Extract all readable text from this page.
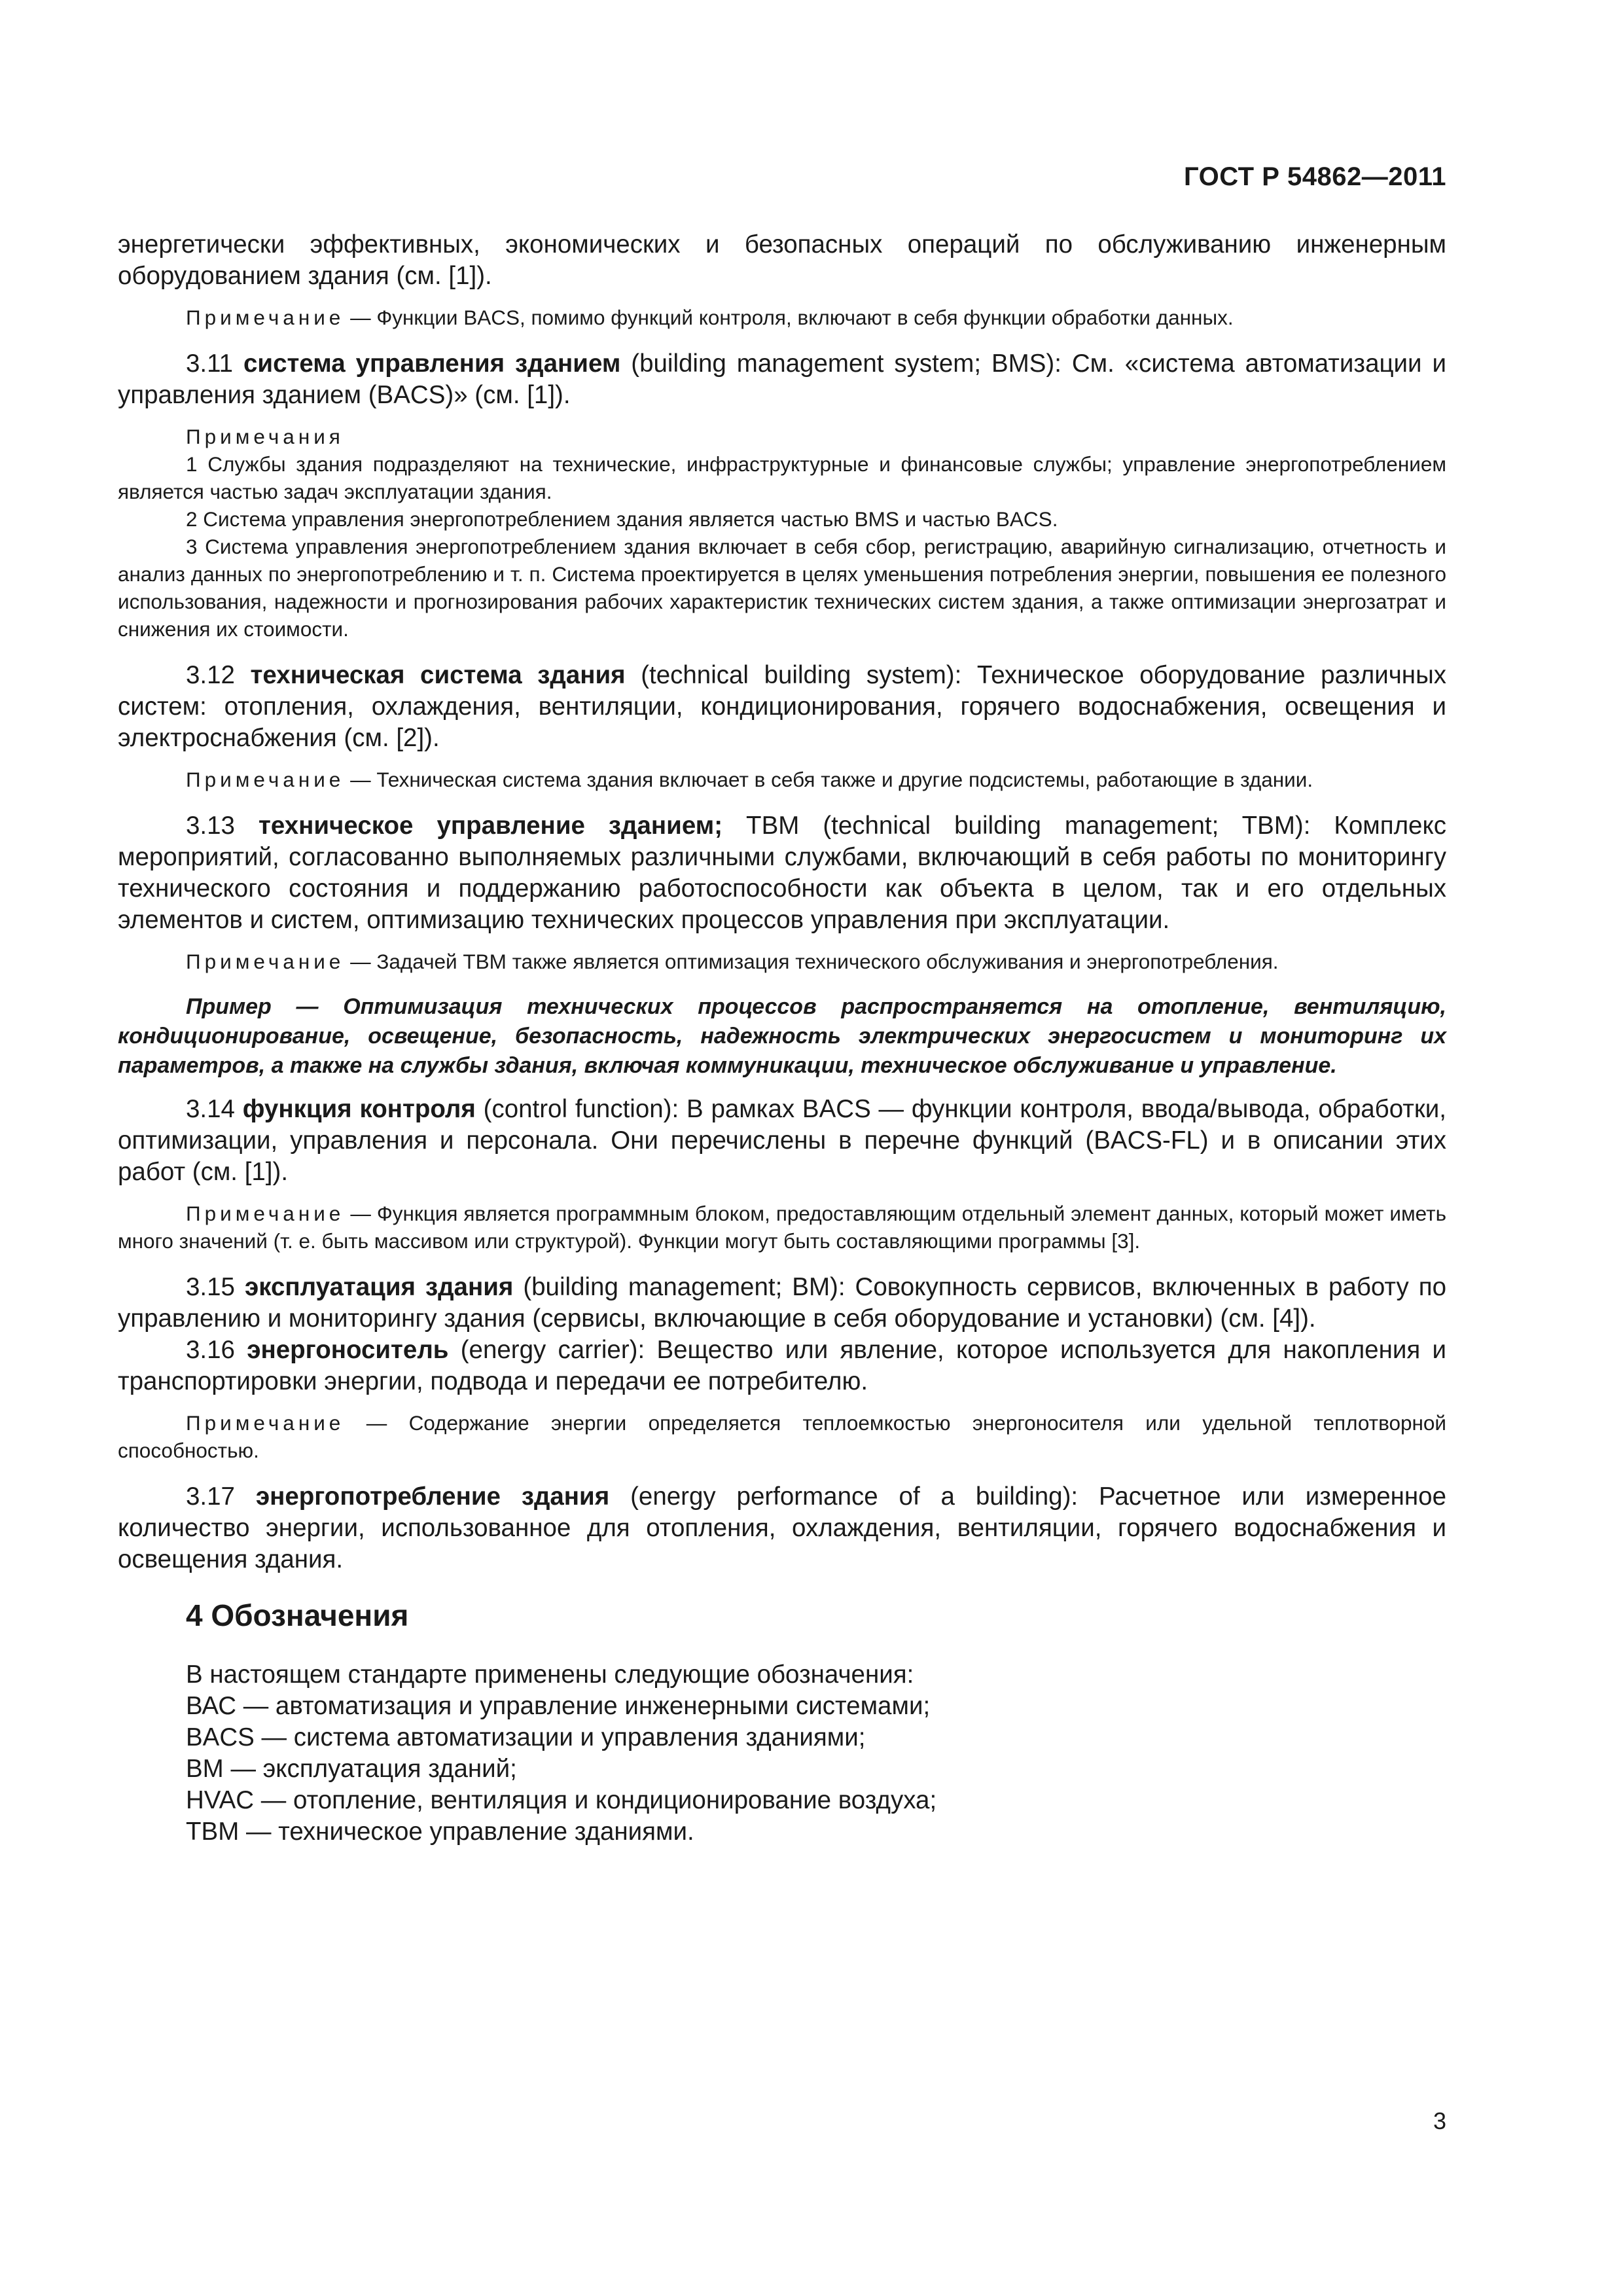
ГОСТ Р 54862—2011

энергетически эффективных, экономических и безопасных операций по обслуживанию инженерным оборудованием здания (см. [1]).

Примечание — Функции BACS, помимо функций контроля, включают в себя функции обработки данных.

3.11 система управления зданием (building management system; BMS): См. «система автоматизации и управления зданием (BACS)» (см. [1]).

Примечания

1 Службы здания подразделяют на технические, инфраструктурные и финансовые службы; управление энергопотреблением является частью задач эксплуатации здания.

2 Система управления энергопотреблением здания является частью BMS и частью BACS.

3 Система управления энергопотреблением здания включает в себя сбор, регистрацию, аварийную сигнализацию, отчетность и анализ данных по энергопотреблению и т. п. Система проектируется в целях уменьшения потребления энергии, повышения ее полезного использования, надежности и прогнозирования рабочих характеристик технических систем здания, а также оптимизации энергозатрат и снижения их стоимости.

3.12 техническая система здания (technical building system): Техническое оборудование различных систем: отопления, охлаждения, вентиляции, кондиционирования, горячего водоснабжения, освещения и электроснабжения (см. [2]).

Примечание — Техническая система здания включает в себя также и другие подсистемы, работающие в здании.

3.13 техническое управление зданием; ТВМ (technical building management; TBM): Комплекс мероприятий, согласованно выполняемых различными службами, включающий в себя работы по мониторингу технического состояния и поддержанию работоспособности как объекта в целом, так и его отдельных элементов и систем, оптимизацию технических процессов управления при эксплуатации.

Примечание — Задачей ТВМ также является оптимизация технического обслуживания и энергопотребления.

Пример — Оптимизация технических процессов распространяется на отопление, вентиляцию, кондиционирование, освещение, безопасность, надежность электрических энергосистем и мониторинг их параметров, а также на службы здания, включая коммуникации, техническое обслуживание и управление.

3.14 функция контроля (control function): В рамках BACS — функции контроля, ввода/вывода, обработки, оптимизации, управления и персонала. Они перечислены в перечне функций (BACS-FL) и в описании этих работ (см. [1]).

Примечание — Функция является программным блоком, предоставляющим отдельный элемент данных, который может иметь много значений (т. е. быть массивом или структурой). Функции могут быть составляющими программы [3].

3.15 эксплуатация здания (building management; BM): Совокупность сервисов, включенных в работу по управлению и мониторингу здания (сервисы, включающие в себя оборудование и установки) (см. [4]).

3.16 энергоноситель (energy carrier): Вещество или явление, которое используется для накопления и транспортировки энергии, подвода и передачи ее потребителю.

Примечание — Содержание энергии определяется теплоемкостью энергоносителя или удельной теплотворной способностью.

3.17 энергопотребление здания (energy performance of a building): Расчетное или измеренное количество энергии, использованное для отопления, охлаждения, вентиляции, горячего водоснабжения и освещения здания.

4 Обозначения

В настоящем стандарте применены следующие обозначения:

ВАС — автоматизация и управление инженерными системами;

BACS — система автоматизации и управления зданиями;

ВМ — эксплуатация зданий;

HVAC — отопление, вентиляция и кондиционирование воздуха;

ТВМ — техническое управление зданиями.

3
